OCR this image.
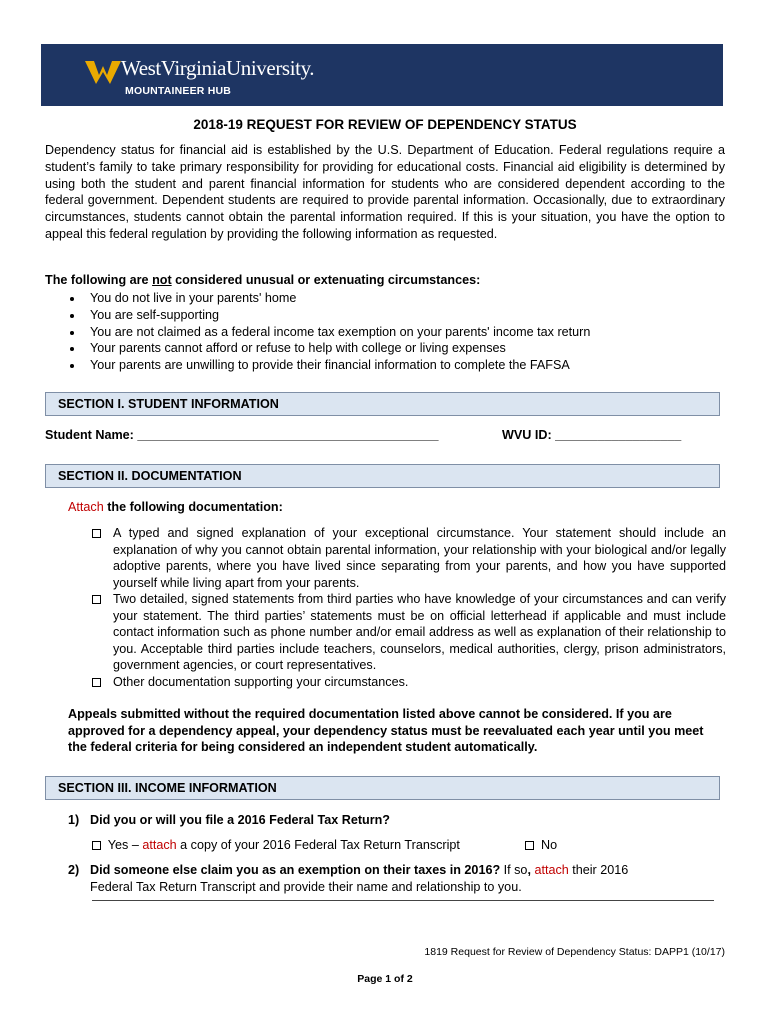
WestVirginiaUniversity.
MOUNTAINEER HUB
2018-19 REQUEST FOR REVIEW OF DEPENDENCY STATUS

Dependency status for financial aid is established by the U.S. Department of Education. Federal regulations require a student’s family to take primary responsibility for providing for educational costs. Financial aid eligibility is determined by using both the student and parent financial information for students who are considered dependent according to the federal government. Dependent students are required to provide parental information. Occasionally, due to extraordinary circumstances, students cannot obtain the parental information required. If this is your situation, you have the option to appeal this federal regulation by providing the following information as requested.

The following are not considered unusual or extenuating circumstances:

You do not live in your parents' home
You are self-supporting
You are not claimed as a federal income tax exemption on your parents' income tax return
Your parents cannot afford or refuse to help with college or living expenses
Your parents are unwilling to provide their financial information to complete the FAFSA
SECTION I. STUDENT INFORMATION
Student Name: ___________________________________________	WVU ID: __________________
SECTION II. DOCUMENTATION
Attach the following documentation:
A typed and signed explanation of your exceptional circumstance. Your statement should include an explanation of why you cannot obtain parental information, your relationship with your biological and/or legally adoptive parents, where you have lived since separating from your parents, and how you have supported yourself while living apart from your parents.
Two detailed, signed statements from third parties who have knowledge of your circumstances and can verify your statement. The third parties’ statements must be on official letterhead if applicable and must include contact information such as phone number and/or email address as well as explanation of their relationship to you. Acceptable third parties include teachers, counselors, medical authorities, clergy, prison administrators, government agencies, or court representatives.
Other documentation supporting your circumstances.

Appeals submitted without the required documentation listed above cannot be considered. If you are approved for a dependency appeal, your dependency status must be reevaluated each year until you meet the federal criteria for being considered an independent student automatically.

SECTION III. INCOME INFORMATION
1) Did you or will you file a 2016 Federal Tax Return?
Yes – attach a copy of your 2016 Federal Tax Return Transcript	No
2) Did someone else claim you as an exemption on their taxes in 2016? If so, attach their 2016
Federal Tax Return Transcript and provide their name and relationship to you.
1819 Request for Review of Dependency Status: DAPP1 (10/17)
Page 1 of 2
